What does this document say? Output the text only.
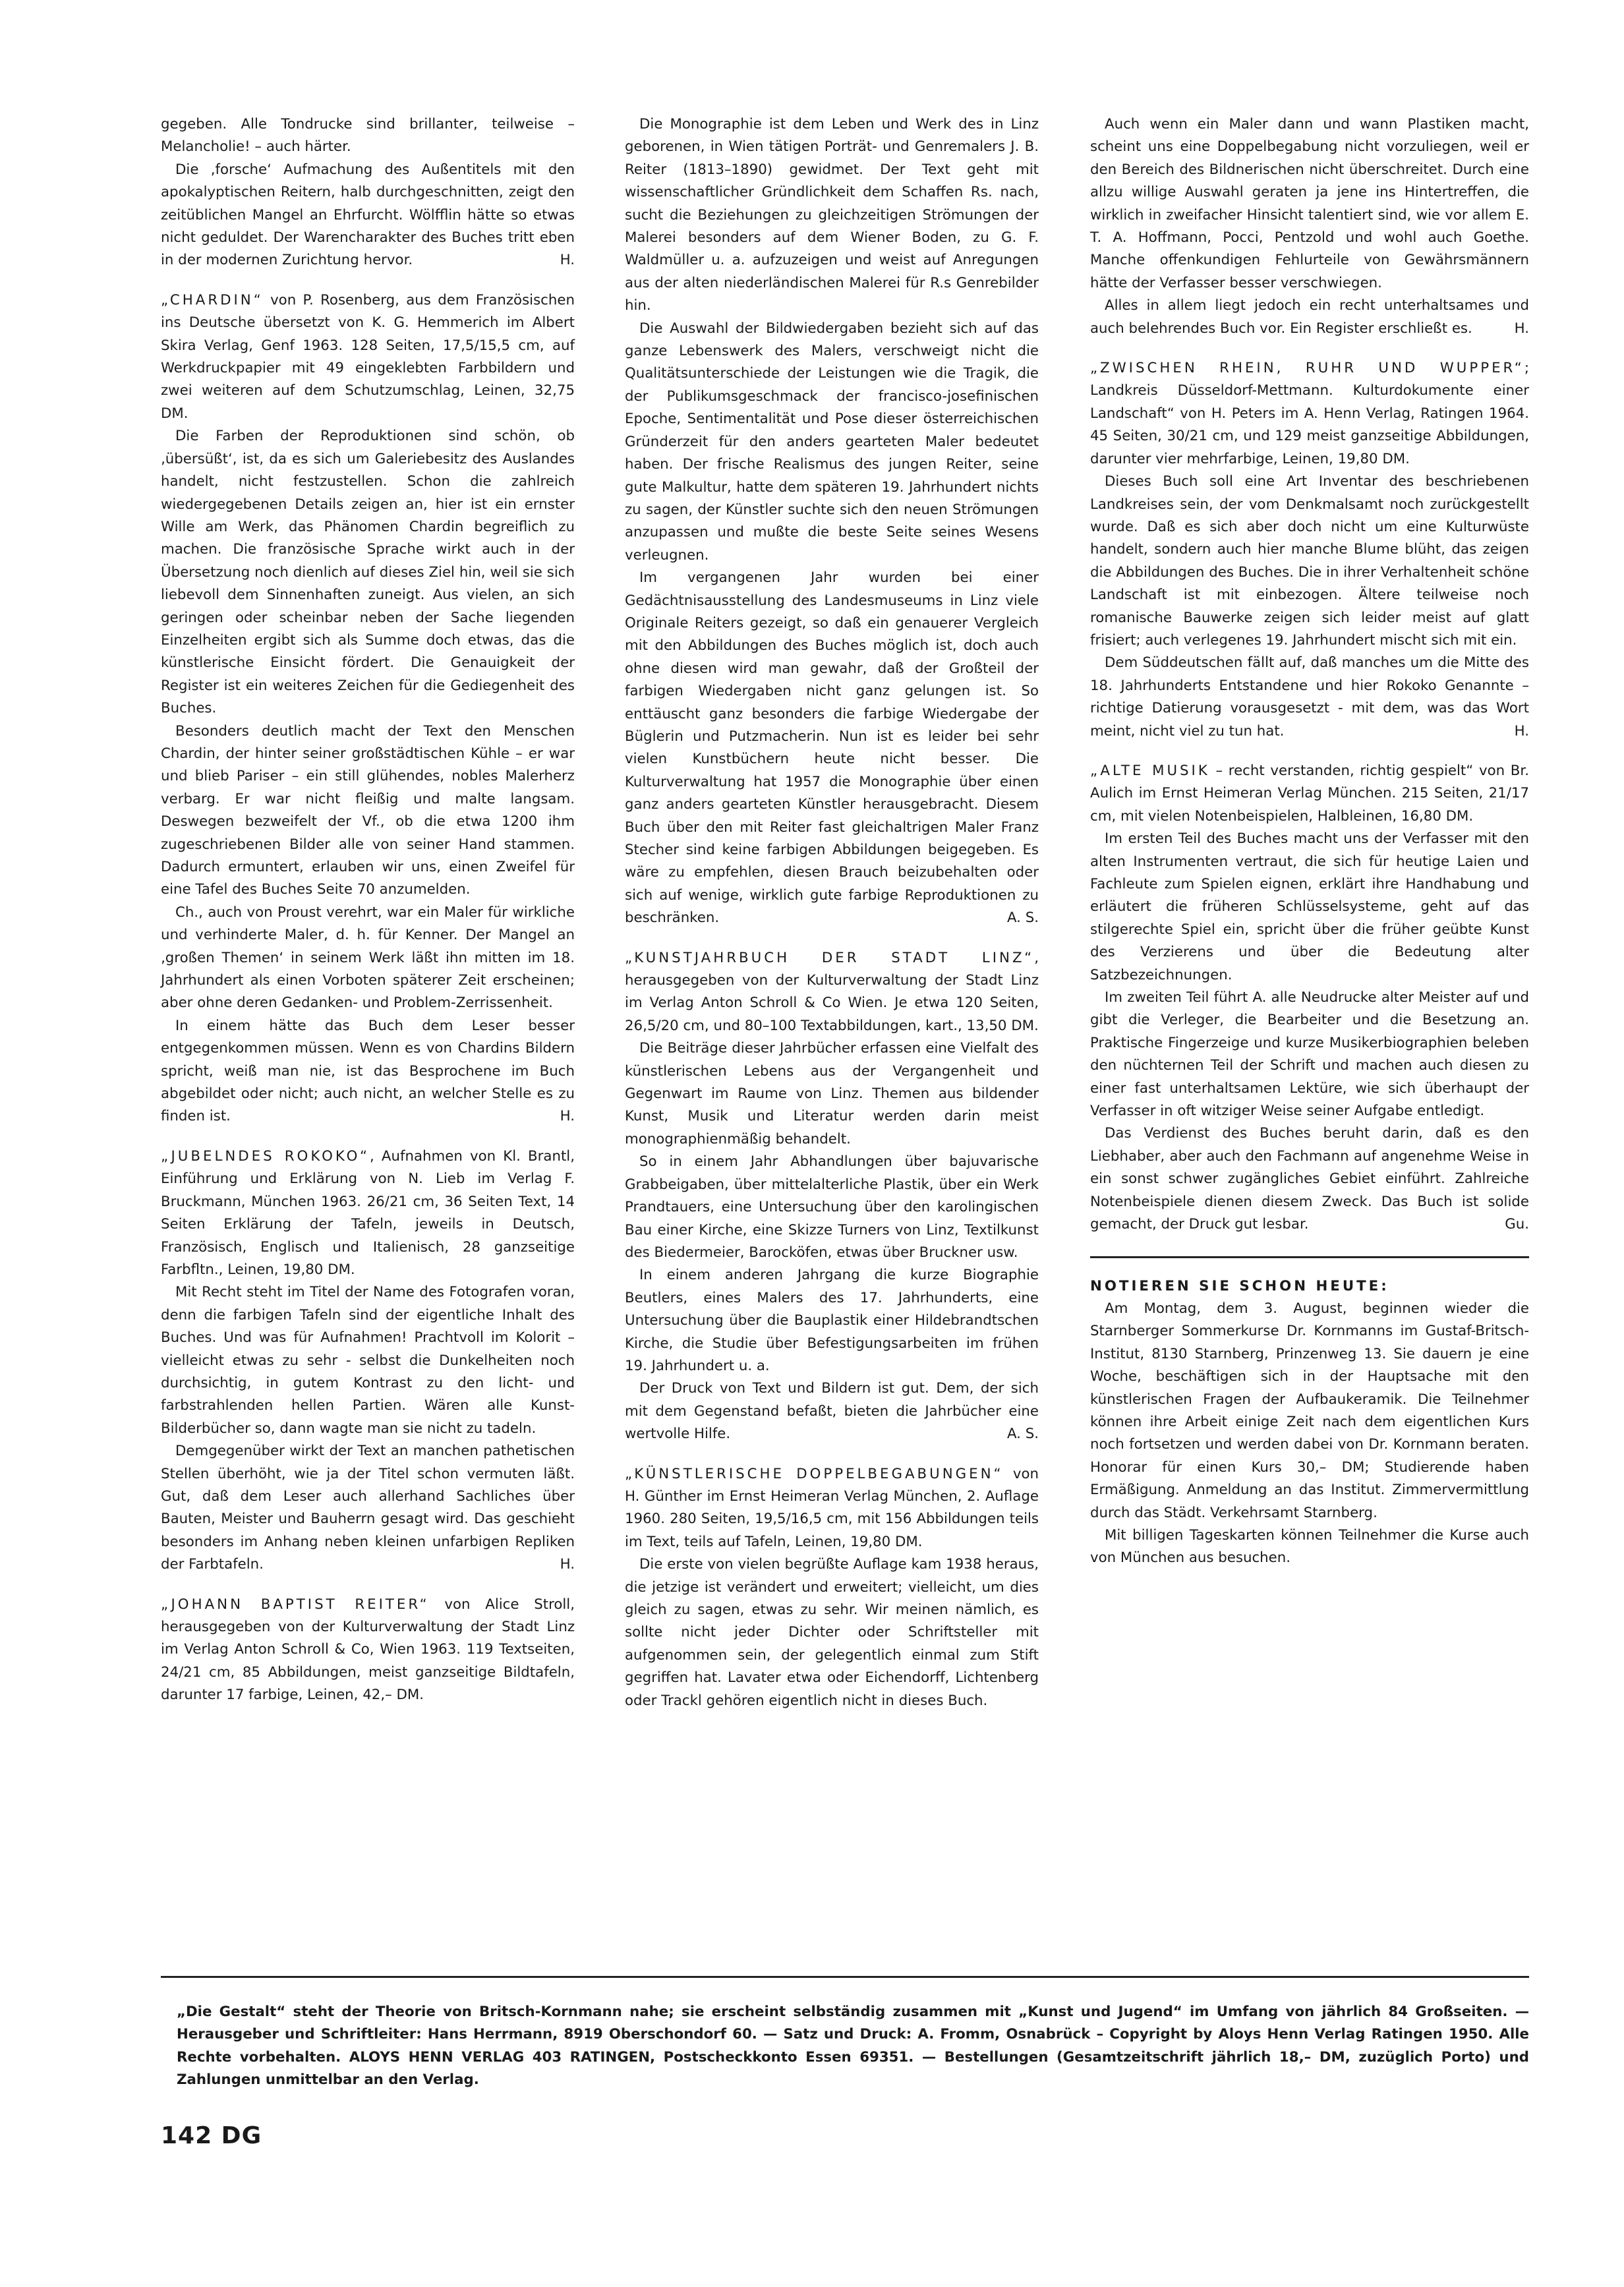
gegeben. Alle Tondrucke sind brillanter, teilweise – Melancholie! – auch härter.

Die ‚forsche‘ Aufmachung des Außentitels mit den apokalyptischen Reitern, halb durchgeschnitten, zeigt den zeitüblichen Mangel an Ehrfurcht. Wölfflin hätte so etwas nicht geduldet. Der Warencharakter des Buches tritt eben in der modernen Zurichtung hervor.	H.

„CHARDIN“ von P. Rosenberg, aus dem Französischen ins Deutsche übersetzt von K. G. Hemmerich im Albert Skira Verlag, Genf 1963. 128 Seiten, 17,5/15,5 cm, auf Werkdruckpapier mit 49 eingeklebten Farbbildern und zwei weiteren auf dem Schutzumschlag, Leinen, 32,75 DM.

Die Farben der Reproduktionen sind schön, ob ‚übersüßt‘, ist, da es sich um Galeriebesitz des Auslandes handelt, nicht festzustellen. Schon die zahlreich wiedergegebenen Details zeigen an, hier ist ein ernster Wille am Werk, das Phänomen Chardin begreiflich zu machen. Die französische Sprache wirkt auch in der Übersetzung noch dienlich auf dieses Ziel hin, weil sie sich liebevoll dem Sinnenhaften zuneigt. Aus vielen, an sich geringen oder scheinbar neben der Sache liegenden Einzelheiten ergibt sich als Summe doch etwas, das die künstlerische Einsicht fördert. Die Genauigkeit der Register ist ein weiteres Zeichen für die Gediegenheit des Buches.

Besonders deutlich macht der Text den Menschen Chardin, der hinter seiner großstädtischen Kühle – er war und blieb Pariser – ein still glühendes, nobles Malerherz verbarg. Er war nicht fleißig und malte langsam. Deswegen bezweifelt der Vf., ob die etwa 1200 ihm zugeschriebenen Bilder alle von seiner Hand stammen. Dadurch ermuntert, erlauben wir uns, einen Zweifel für eine Tafel des Buches Seite 70 anzumelden.

Ch., auch von Proust verehrt, war ein Maler für wirkliche und verhinderte Maler, d. h. für Kenner. Der Mangel an ‚großen Themen‘ in seinem Werk läßt ihn mitten im 18. Jahrhundert als einen Vorboten späterer Zeit erscheinen; aber ohne deren Gedanken- und Problem-Zerrissenheit.

In einem hätte das Buch dem Leser besser entgegenkommen müssen. Wenn es von Chardins Bildern spricht, weiß man nie, ist das Besprochene im Buch abgebildet oder nicht; auch nicht, an welcher Stelle es zu finden ist.	H.

„JUBELNDES ROKOKO“, Aufnahmen von Kl. Brantl, Einführung und Erklärung von N. Lieb im Verlag F. Bruckmann, München 1963. 26/21 cm, 36 Seiten Text, 14 Seiten Erklärung der Tafeln, jeweils in Deutsch, Französisch, Englisch und Italienisch, 28 ganzseitige Farbfltn., Leinen, 19,80 DM.

Mit Recht steht im Titel der Name des Fotografen voran, denn die farbigen Tafeln sind der eigentliche Inhalt des Buches. Und was für Aufnahmen! Prachtvoll im Kolorit – vielleicht etwas zu sehr - selbst die Dunkelheiten noch durchsichtig, in gutem Kontrast zu den licht- und farbstrahlenden hellen Partien. Wären alle Kunst-Bilderbücher so, dann wagte man sie nicht zu tadeln.

Demgegenüber wirkt der Text an manchen pathetischen Stellen überhöht, wie ja der Titel schon vermuten läßt. Gut, daß dem Leser auch allerhand Sachliches über Bauten, Meister und Bauherrn gesagt wird. Das geschieht besonders im Anhang neben kleinen unfarbigen Repliken der Farbtafeln.	H.

„JOHANN BAPTIST REITER“ von Alice Stroll, herausgegeben von der Kulturverwaltung der Stadt Linz im Verlag Anton Schroll & Co, Wien 1963. 119 Textseiten, 24/21 cm, 85 Abbildungen, meist ganzseitige Bildtafeln, darunter 17 farbige, Leinen, 42,– DM.

Die Monographie ist dem Leben und Werk des in Linz geborenen, in Wien tätigen Porträt- und Genremalers J. B. Reiter (1813–1890) gewidmet. Der Text geht mit wissenschaftlicher Gründlichkeit dem Schaffen Rs. nach, sucht die Beziehungen zu gleichzeitigen Strömungen der Malerei besonders auf dem Wiener Boden, zu G. F. Waldmüller u. a. aufzuzeigen und weist auf Anregungen aus der alten niederländischen Malerei für R.s Genrebilder hin.

Die Auswahl der Bildwiedergaben bezieht sich auf das ganze Lebenswerk des Malers, verschweigt nicht die Qualitätsunterschiede der Leistungen wie die Tragik, die der Publikumsgeschmack der francisco-josefinischen Epoche, Sentimentalität und Pose dieser österreichischen Gründerzeit für den anders gearteten Maler bedeutet haben. Der frische Realismus des jungen Reiter, seine gute Malkultur, hatte dem späteren 19. Jahrhundert nichts zu sagen, der Künstler suchte sich den neuen Strömungen anzupassen und mußte die beste Seite seines Wesens verleugnen.

Im vergangenen Jahr wurden bei einer Gedächtnisausstellung des Landesmuseums in Linz viele Originale Reiters gezeigt, so daß ein genauerer Vergleich mit den Abbildungen des Buches möglich ist, doch auch ohne diesen wird man gewahr, daß der Großteil der farbigen Wiedergaben nicht ganz gelungen ist. So enttäuscht ganz besonders die farbige Wiedergabe der Büglerin und Putzmacherin. Nun ist es leider bei sehr vielen Kunstbüchern heute nicht besser. Die Kulturverwaltung hat 1957 die Monographie über einen ganz anders gearteten Künstler herausgebracht. Diesem Buch über den mit Reiter fast gleichaltrigen Maler Franz Stecher sind keine farbigen Abbildungen beigegeben. Es wäre zu empfehlen, diesen Brauch beizubehalten oder sich auf wenige, wirklich gute farbige Reproduktionen zu beschränken.	A. S.

„KUNSTJAHRBUCH DER STADT LINZ“, herausgegeben von der Kulturverwaltung der Stadt Linz im Verlag Anton Schroll & Co Wien. Je etwa 120 Seiten, 26,5/20 cm, und 80–100 Textabbildungen, kart., 13,50 DM.

Die Beiträge dieser Jahrbücher erfassen eine Vielfalt des künstlerischen Lebens aus der Vergangenheit und Gegenwart im Raume von Linz. Themen aus bildender Kunst, Musik und Literatur werden darin meist monographienmäßig behandelt.

So in einem Jahr Abhandlungen über bajuvarische Grabbeigaben, über mittelalterliche Plastik, über ein Werk Prandtauers, eine Untersuchung über den karolingischen Bau einer Kirche, eine Skizze Turners von Linz, Textilkunst des Biedermeier, Barocköfen, etwas über Bruckner usw.

In einem anderen Jahrgang die kurze Biographie Beutlers, eines Malers des 17. Jahrhunderts, eine Untersuchung über die Bauplastik einer Hildebrandtschen Kirche, die Studie über Befestigungsarbeiten im frühen 19. Jahrhundert u. a.

Der Druck von Text und Bildern ist gut. Dem, der sich mit dem Gegenstand befaßt, bieten die Jahrbücher eine wertvolle Hilfe.	A. S.

„KÜNSTLERISCHE DOPPELBEGABUNGEN“ von H. Günther im Ernst Heimeran Verlag München, 2. Auflage 1960. 280 Seiten, 19,5/16,5 cm, mit 156 Abbildungen teils im Text, teils auf Tafeln, Leinen, 19,80 DM.

Die erste von vielen begrüßte Auflage kam 1938 heraus, die jetzige ist verändert und erweitert; vielleicht, um dies gleich zu sagen, etwas zu sehr. Wir meinen nämlich, es sollte nicht jeder Dichter oder Schriftsteller mit aufgenommen sein, der gelegentlich einmal zum Stift gegriffen hat. Lavater etwa oder Eichendorff, Lichtenberg oder Trackl gehören eigentlich nicht in dieses Buch.

Auch wenn ein Maler dann und wann Plastiken macht, scheint uns eine Doppelbegabung nicht vorzuliegen, weil er den Bereich des Bildnerischen nicht überschreitet. Durch eine allzu willige Auswahl geraten ja jene ins Hintertreffen, die wirklich in zweifacher Hinsicht talentiert sind, wie vor allem E. T. A. Hoffmann, Pocci, Pentzold und wohl auch Goethe. Manche offenkundigen Fehlurteile von Gewährsmännern hätte der Verfasser besser verschwiegen.

Alles in allem liegt jedoch ein recht unterhaltsames und auch belehrendes Buch vor. Ein Register erschließt es.	H.

„ZWISCHEN RHEIN, RUHR UND WUPPER“; Landkreis Düsseldorf-Mettmann. Kulturdokumente einer Landschaft“ von H. Peters im A. Henn Verlag, Ratingen 1964. 45 Seiten, 30/21 cm, und 129 meist ganzseitige Abbildungen, darunter vier mehrfarbige, Leinen, 19,80 DM.

Dieses Buch soll eine Art Inventar des beschriebenen Landkreises sein, der vom Denkmalsamt noch zurückgestellt wurde. Daß es sich aber doch nicht um eine Kulturwüste handelt, sondern auch hier manche Blume blüht, das zeigen die Abbildungen des Buches. Die in ihrer Verhaltenheit schöne Landschaft ist mit einbezogen. Ältere teilweise noch romanische Bauwerke zeigen sich leider meist auf glatt frisiert; auch verlegenes 19. Jahrhundert mischt sich mit ein.

Dem Süddeutschen fällt auf, daß manches um die Mitte des 18. Jahrhunderts Entstandene und hier Rokoko Genannte – richtige Datierung vorausgesetzt - mit dem, was das Wort meint, nicht viel zu tun hat.	H.

„ALTE MUSIK – recht verstanden, richtig gespielt“ von Br. Aulich im Ernst Heimeran Verlag München. 215 Seiten, 21/17 cm, mit vielen Notenbeispielen, Halbleinen, 16,80 DM.

Im ersten Teil des Buches macht uns der Verfasser mit den alten Instrumenten vertraut, die sich für heutige Laien und Fachleute zum Spielen eignen, erklärt ihre Handhabung und erläutert die früheren Schlüsselsysteme, geht auf das stilgerechte Spiel ein, spricht über die früher geübte Kunst des Verzierens und über die Bedeutung alter Satzbezeichnungen.

Im zweiten Teil führt A. alle Neudrucke alter Meister auf und gibt die Verleger, die Bearbeiter und die Besetzung an. Praktische Fingerzeige und kurze Musikerbiographien beleben den nüchternen Teil der Schrift und machen auch diesen zu einer fast unterhaltsamen Lektüre, wie sich überhaupt der Verfasser in oft witziger Weise seiner Aufgabe entledigt.

Das Verdienst des Buches beruht darin, daß es den Liebhaber, aber auch den Fachmann auf angenehme Weise in ein sonst schwer zugängliches Gebiet einführt. Zahlreiche Notenbeispiele dienen diesem Zweck. Das Buch ist solide gemacht, der Druck gut lesbar.	Gu.

NOTIEREN SIE SCHON HEUTE:

Am Montag, dem 3. August, beginnen wieder die Starnberger Sommerkurse Dr. Kornmanns im Gustaf-Britsch-Institut, 8130 Starnberg, Prinzenweg 13. Sie dauern je eine Woche, beschäftigen sich in der Hauptsache mit den künstlerischen Fragen der Aufbaukeramik. Die Teilnehmer können ihre Arbeit einige Zeit nach dem eigentlichen Kurs noch fortsetzen und werden dabei von Dr. Kornmann beraten. Honorar für einen Kurs 30,– DM; Studierende haben Ermäßigung. Anmeldung an das Institut. Zimmervermittlung durch das Städt. Verkehrsamt Starnberg.

Mit billigen Tageskarten können Teilnehmer die Kurse auch von München aus besuchen.

„Die Gestalt“ steht der Theorie von Britsch-Kornmann nahe; sie erscheint selbständig zusammen mit „Kunst und Jugend“ im Umfang von jährlich 84 Großseiten. — Herausgeber und Schriftleiter: Hans Herrmann, 8919 Oberschondorf 60. — Satz und Druck: A. Fromm, Osnabrück – Copyright by Aloys Henn Verlag Ratingen 1950. Alle Rechte vorbehalten. ALOYS HENN VERLAG 403 RATINGEN, Postscheckkonto Essen 69351. — Bestellungen (Gesamtzeitschrift jährlich 18,– DM, zuzüglich Porto) und Zahlungen unmittelbar an den Verlag.

142 DG
